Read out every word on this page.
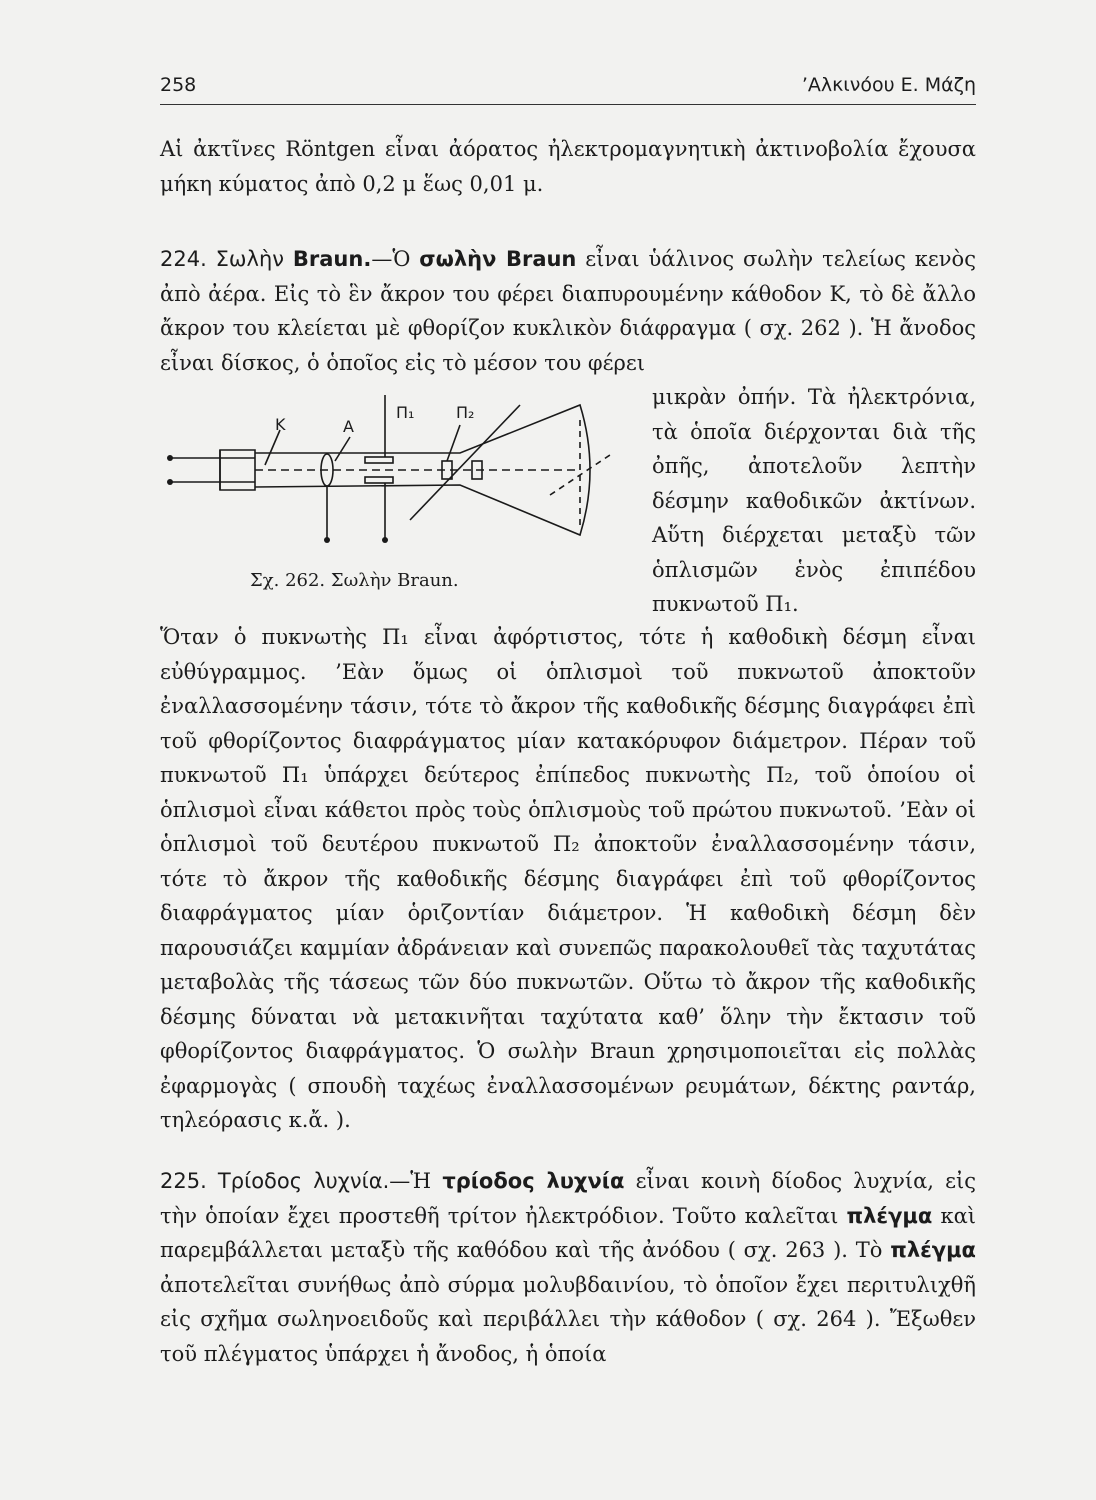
258	’Αλκινόου Ε. Μάζη

Αἱ ἀκτῖνες Röntgen εἶναι ἀόρατος ἠλεκτρομαγνητικὴ ἀκτινοβολία ἔχουσα μήκη κύματος ἀπὸ 0,2 μ ἕως 0,01 μ.

224. Σωλὴν Braun.—Ὁ σωλὴν Braun εἶναι ὑάλινος σωλὴν τελείως κενὸς ἀπὸ ἀέρα. Εἰς τὸ ἓν ἄκρον του φέρει διαπυρουμένην κάθοδον Κ, τὸ δὲ ἄλλο ἄκρον του κλείεται μὲ φθορίζον κυκλικὸν διάφραγμα ( σχ. 262 ). Ἡ ἄνοδος εἶναι δίσκος, ὁ ὁποῖος εἰς τὸ μέσον του φέρει

Κ	Α
Π₁	Π₂
Σχ. 262. Σωλὴν Braun.

μικρὰν ὀπήν. Τὰ ἠλεκτρόνια, τὰ ὁποῖα διέρχονται διὰ τῆς ὀπῆς, ἀποτελοῦν λεπτὴν δέσμην καθοδικῶν ἀκτίνων. Αὕτη διέρχεται μεταξὺ τῶν ὁπλισμῶν ἑνὸς ἐπιπέδου πυκνωτοῦ Π₁.

Ὅταν ὁ πυκνωτὴς Π₁ εἶναι ἀφόρτιστος, τότε ἡ καθοδικὴ δέσμη εἶναι εὐθύγραμμος. ’Εὰν ὅμως οἱ ὁπλισμοὶ τοῦ πυκνωτοῦ ἀποκτοῦν ἐναλλασσομένην τάσιν, τότε τὸ ἄκρον τῆς καθοδικῆς δέσμης διαγράφει ἐπὶ τοῦ φθορίζοντος διαφράγματος μίαν κατακόρυφον διάμετρον. Πέραν τοῦ πυκνωτοῦ Π₁ ὑπάρχει δεύτερος ἐπίπεδος πυκνωτὴς Π₂, τοῦ ὁποίου οἱ ὁπλισμοὶ εἶναι κάθετοι πρὸς τοὺς ὁπλισμοὺς τοῦ πρώτου πυκνωτοῦ. ’Εὰν οἱ ὁπλισμοὶ τοῦ δευτέρου πυκνωτοῦ Π₂ ἀποκτοῦν ἐναλλασσομένην τάσιν, τότε τὸ ἄκρον τῆς καθοδικῆς δέσμης διαγράφει ἐπὶ τοῦ φθορίζοντος διαφράγματος μίαν ὁριζοντίαν διάμετρον. Ἡ καθοδικὴ δέσμη δὲν παρουσιάζει καμμίαν ἀδράνειαν καὶ συνεπῶς παρακολουθεῖ τὰς ταχυτάτας μεταβολὰς τῆς τάσεως τῶν δύο πυκνωτῶν. Οὕτω τὸ ἄκρον τῆς καθοδικῆς δέσμης δύναται νὰ μετακινῆται ταχύτατα καθ’ ὅλην τὴν ἔκτασιν τοῦ φθορίζοντος διαφράγματος. Ὁ σωλὴν Braun χρησιμοποιεῖται εἰς πολλὰς ἐφαρμογὰς ( σπουδὴ ταχέως ἐναλλασσομένων ρευμάτων, δέκτης ραντάρ, τηλεόρασις κ.ἄ. ).

225. Τρίοδος λυχνία.—Ἡ τρίοδος λυχνία εἶναι κοινὴ δίοδος λυχνία, εἰς τὴν ὁποίαν ἔχει προστεθῆ τρίτον ἠλεκτρόδιον. Τοῦτο καλεῖται πλέγμα καὶ παρεμβάλλεται μεταξὺ τῆς καθόδου καὶ τῆς ἀνόδου ( σχ. 263 ). Τὸ πλέγμα ἀποτελεῖται συνήθως ἀπὸ σύρμα μολυβδαινίου, τὸ ὁποῖον ἔχει περιτυλιχθῆ εἰς σχῆμα σωληνοειδοῦς καὶ περιβάλλει τὴν κάθοδον ( σχ. 264 ). Ἔξωθεν τοῦ πλέγματος ὑπάρχει ἡ ἄνοδος, ἡ ὁποία
